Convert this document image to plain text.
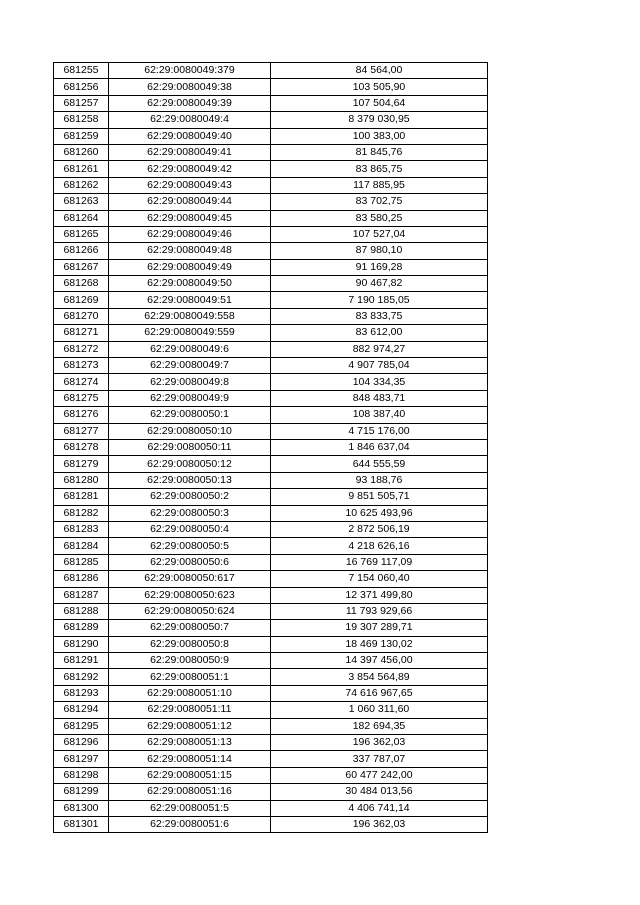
681255	62:29:0080049:379	84 564,00
681256	62:29:0080049:38	103 505,90
681257	62:29:0080049:39	107 504,64
681258	62:29:0080049:4	8 379 030,95
681259	62:29:0080049:40	100 383,00
681260	62:29:0080049:41	81 845,76
681261	62:29:0080049:42	83 865,75
681262	62:29:0080049:43	117 885,95
681263	62:29:0080049:44	83 702,75
681264	62:29:0080049:45	83 580,25
681265	62:29:0080049:46	107 527,04
681266	62:29:0080049:48	87 980,10
681267	62:29:0080049:49	91 169,28
681268	62:29:0080049:50	90 467,82
681269	62:29:0080049:51	7 190 185,05
681270	62:29:0080049:558	83 833,75
681271	62:29:0080049:559	83 612,00
681272	62:29:0080049:6	882 974,27
681273	62:29:0080049:7	4 907 785,04
681274	62:29:0080049:8	104 334,35
681275	62:29:0080049:9	848 483,71
681276	62:29:0080050:1	108 387,40
681277	62:29:0080050:10	4 715 176,00
681278	62:29:0080050:11	1 846 637,04
681279	62:29:0080050:12	644 555,59
681280	62:29:0080050:13	93 188,76
681281	62:29:0080050:2	9 851 505,71
681282	62:29:0080050:3	10 625 493,96
681283	62:29:0080050:4	2 872 506,19
681284	62:29:0080050:5	4 218 626,16
681285	62:29:0080050:6	16 769 117,09
681286	62:29:0080050:617	7 154 060,40
681287	62:29:0080050:623	12 371 499,80
681288	62:29:0080050:624	11 793 929,66
681289	62:29:0080050:7	19 307 289,71
681290	62:29:0080050:8	18 469 130,02
681291	62:29:0080050:9	14 397 456,00
681292	62:29:0080051:1	3 854 564,89
681293	62:29:0080051:10	74 616 967,65
681294	62:29:0080051:11	1 060 311,60
681295	62:29:0080051:12	182 694,35
681296	62:29:0080051:13	196 362,03
681297	62:29:0080051:14	337 787,07
681298	62:29:0080051:15	60 477 242,00
681299	62:29:0080051:16	30 484 013,56
681300	62:29:0080051:5	4 406 741,14
681301	62:29:0080051:6	196 362,03
